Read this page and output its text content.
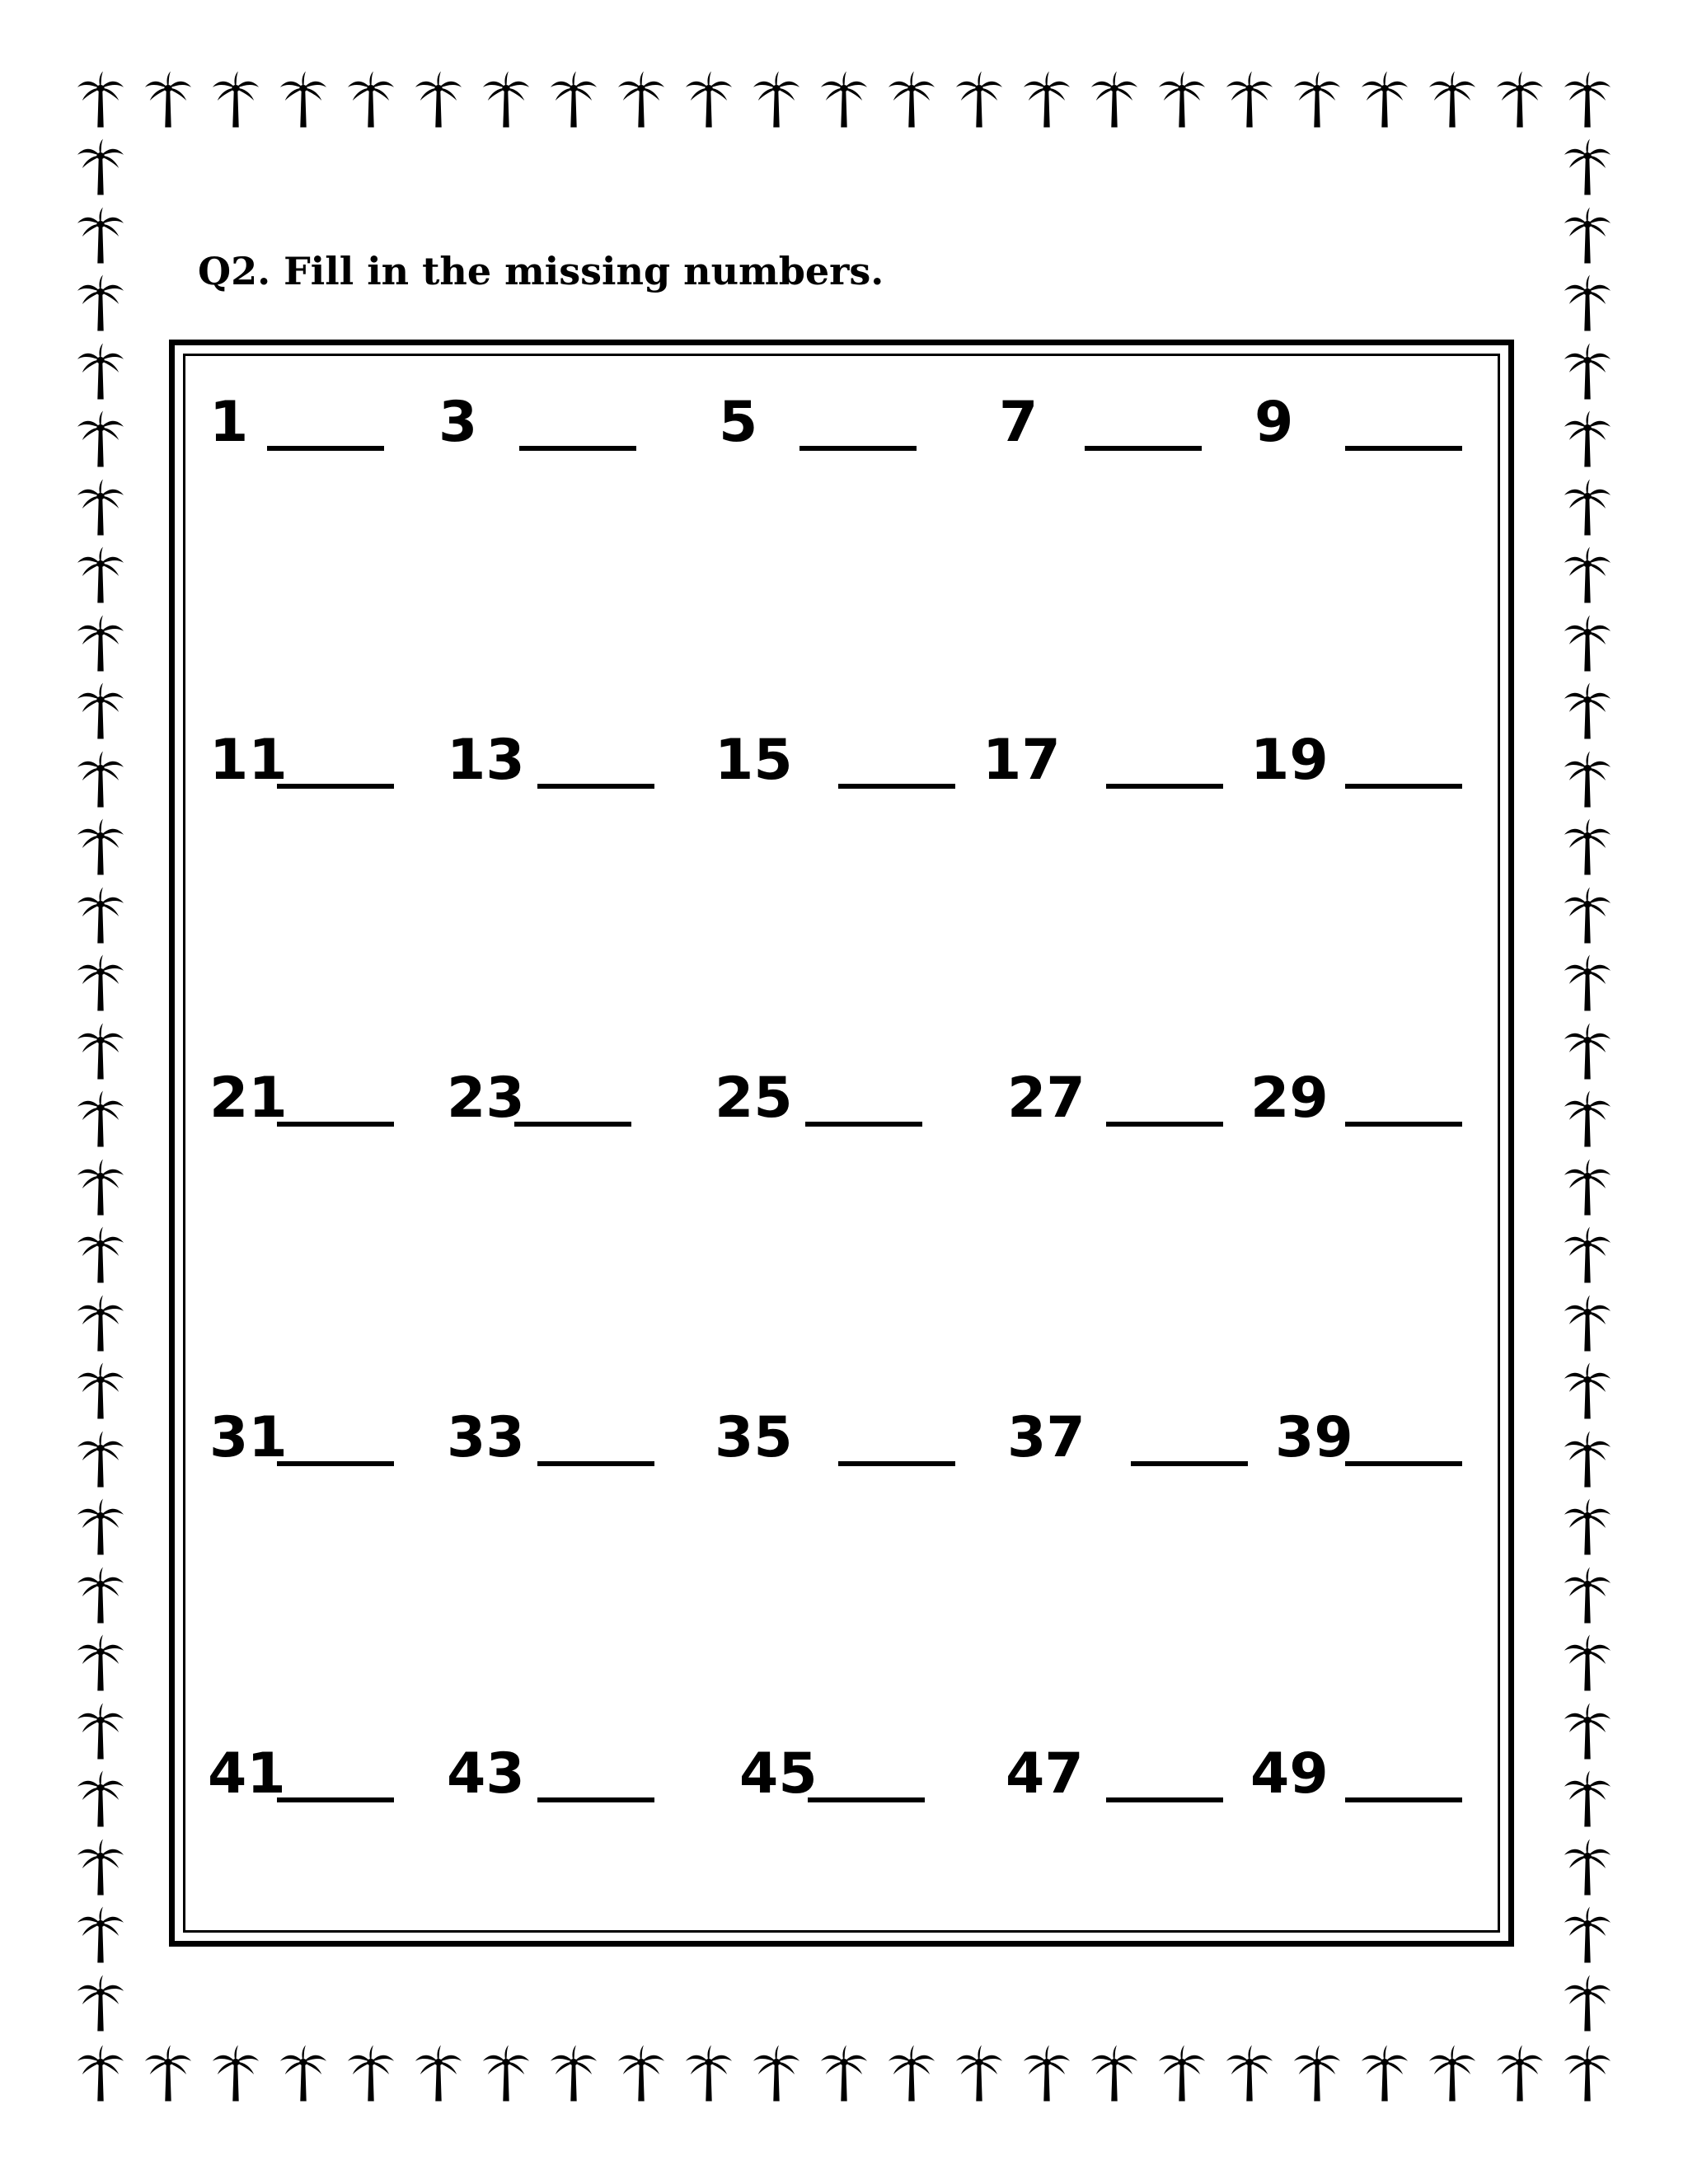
Q2. Fill in the missing numbers.
1	3	5	7	9
11	13	15	17	19
21	23	25	27	29
31	33	35	37	39
41	43	45	47	49
